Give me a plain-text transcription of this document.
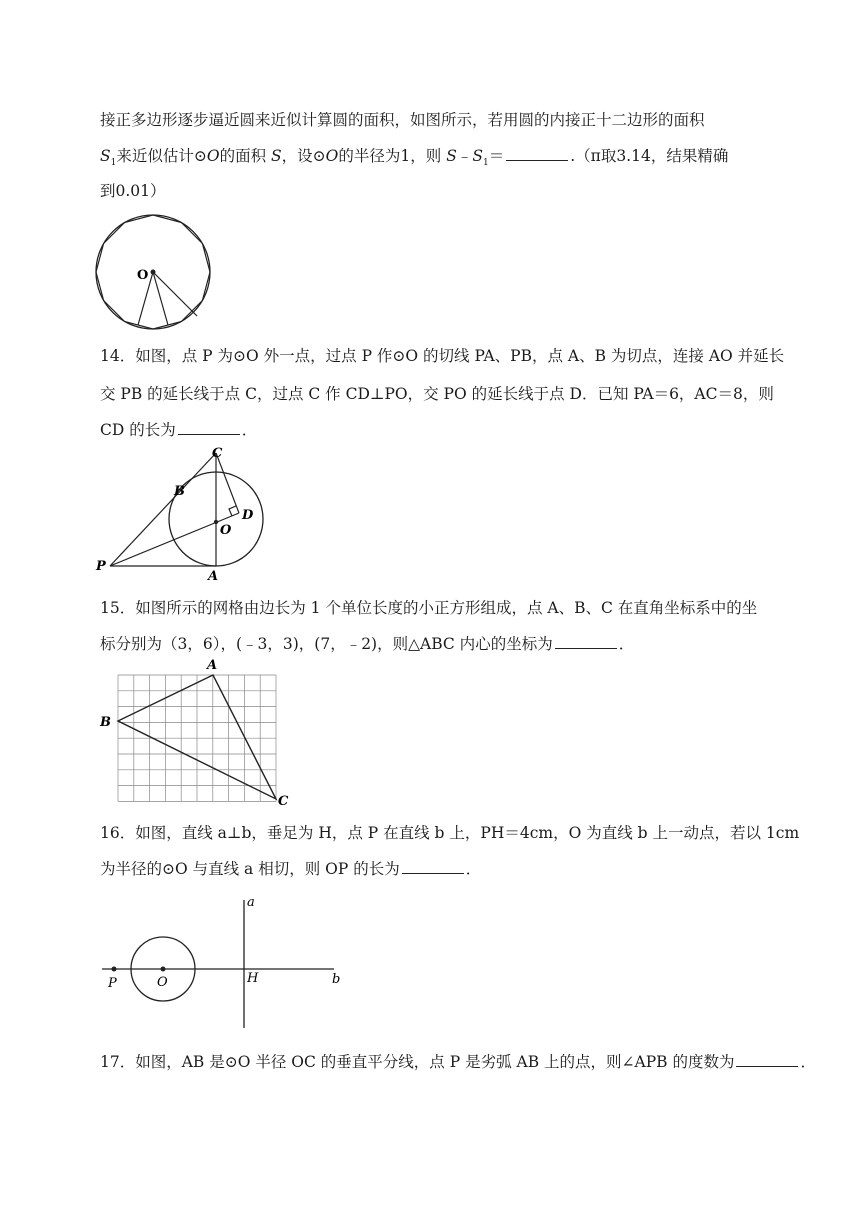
接正多边形逐步逼近圆来近似计算圆的面积，如图所示，若用圆的内接正十二边形的面积
$S_1$来近似估计⊙O的面积 S，设⊙O的半径为1，则 $S﹣S_1=$	.（π取3.14，结果精确
到0.01）
O
14．如图，点 P 为⊙O 外一点，过点 P 作⊙O 的切线 PA、PB，点 A、B 为切点，连接 AO 并延长
交 PB 的延长线于点 C，过点 C 作 CD⊥PO，交 PO 的延长线于点 D．已知 PA＝6，AC＝8，则
CD 的长为	．
C
B
O
D
P
A
15．如图所示的网格由边长为 1 个单位长度的小正方形组成，点 A、B、C 在直角坐标系中的坐
标分别为（3，6），(﹣3，3)，(7，﹣2)，则△ABC 内心的坐标为	．
A
B
C
16．如图，直线 a⊥b，垂足为 H，点 P 在直线 b 上，PH＝4cm，O 为直线 b 上一动点，若以 1cm
为半径的⊙O 与直线 a 相切，则 OP 的长为	．
a
b
P	O	H
17．如图，AB 是⊙O 半径 OC 的垂直平分线，点 P 是劣弧 AB 上的点，则∠APB 的度数为	．
